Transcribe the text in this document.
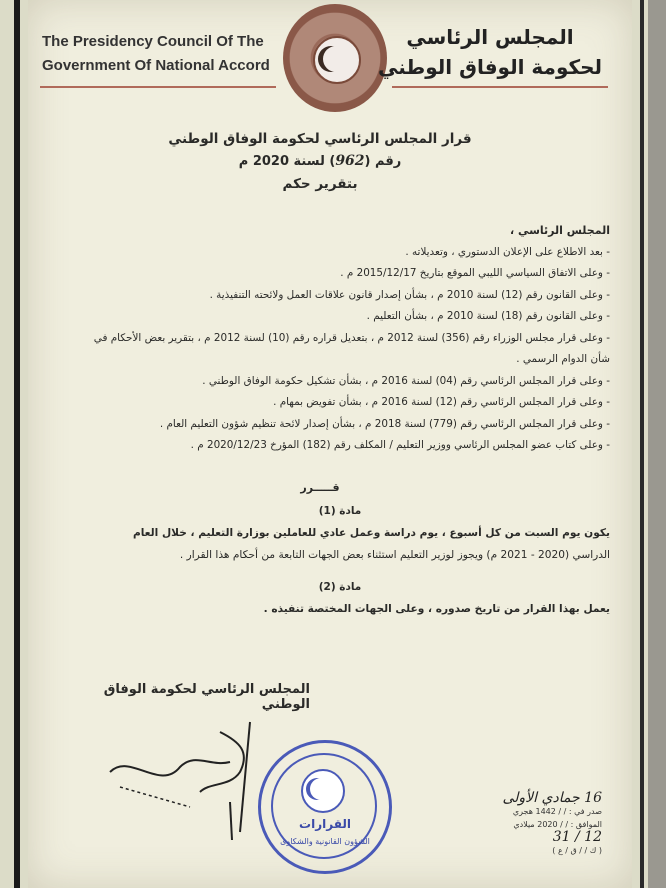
The Presidency Council Of The
Government Of National Accord
المجلس الرئاسي
لحكومة الوفاق الوطني
قرار المجلس الرئاسي لحكومة الوفاق الوطني
رقم (962) لسنة 2020 م
بتقرير حكم
المجلس الرئاسي ،
- بعد الاطلاع على الإعلان الدستوري ، وتعديلاته .
- وعلى الاتفاق السياسي الليبي الموقع بتاريخ 2015/12/17 م .
- وعلى القانون رقم (12) لسنة 2010 م ، بشأن إصدار قانون علاقات العمل ولائحته التنفيذية .
- وعلى القانون رقم (18) لسنة 2010 م ، بشأن التعليم .
- وعلى قرار مجلس الوزراء رقم (356) لسنة 2012 م ، بتعديل قراره رقم (10) لسنة 2012 م ، بتقرير بعض الأحكام في شأن الدوام الرسمي .
- وعلى قرار المجلس الرئاسي رقم (04) لسنة 2016 م ، بشأن تشكيل حكومة الوفاق الوطني .
- وعلى قرار المجلس الرئاسي رقم (12) لسنة 2016 م ، بشأن تفويض بمهام .
- وعلى قرار المجلس الرئاسي رقم (779) لسنة 2018 م ، بشأن إصدار لائحة تنظيم شؤون التعليم العام .
- وعلى كتاب عضو المجلس الرئاسي ووزير التعليم / المكلف رقم (182) المؤرخ 2020/12/23 م .
قـــــرر
مادة (1)
يكون يوم السبت من كل أسبوع ، يوم دراسة وعمل عادي للعاملين بوزارة التعليم ، خلال العام
الدراسي (2020 - 2021 م) ويجوز لوزير التعليم استثناء بعض الجهات التابعة من أحكام هذا القرار .
مادة (2)
يعمل بهذا القرار من تاريخ صدوره ، وعلى الجهات المختصة تنفيذه .
المجلس الرئاسي لحكومة الوفاق الوطني
القرارات
الشؤون القانونية والشكاوى
16 جمادي الأولى
صدر في : / / 1442 هجري
الموافق : / / 2020 ميلادي
12 / 31
( ك / / ق / ع )
